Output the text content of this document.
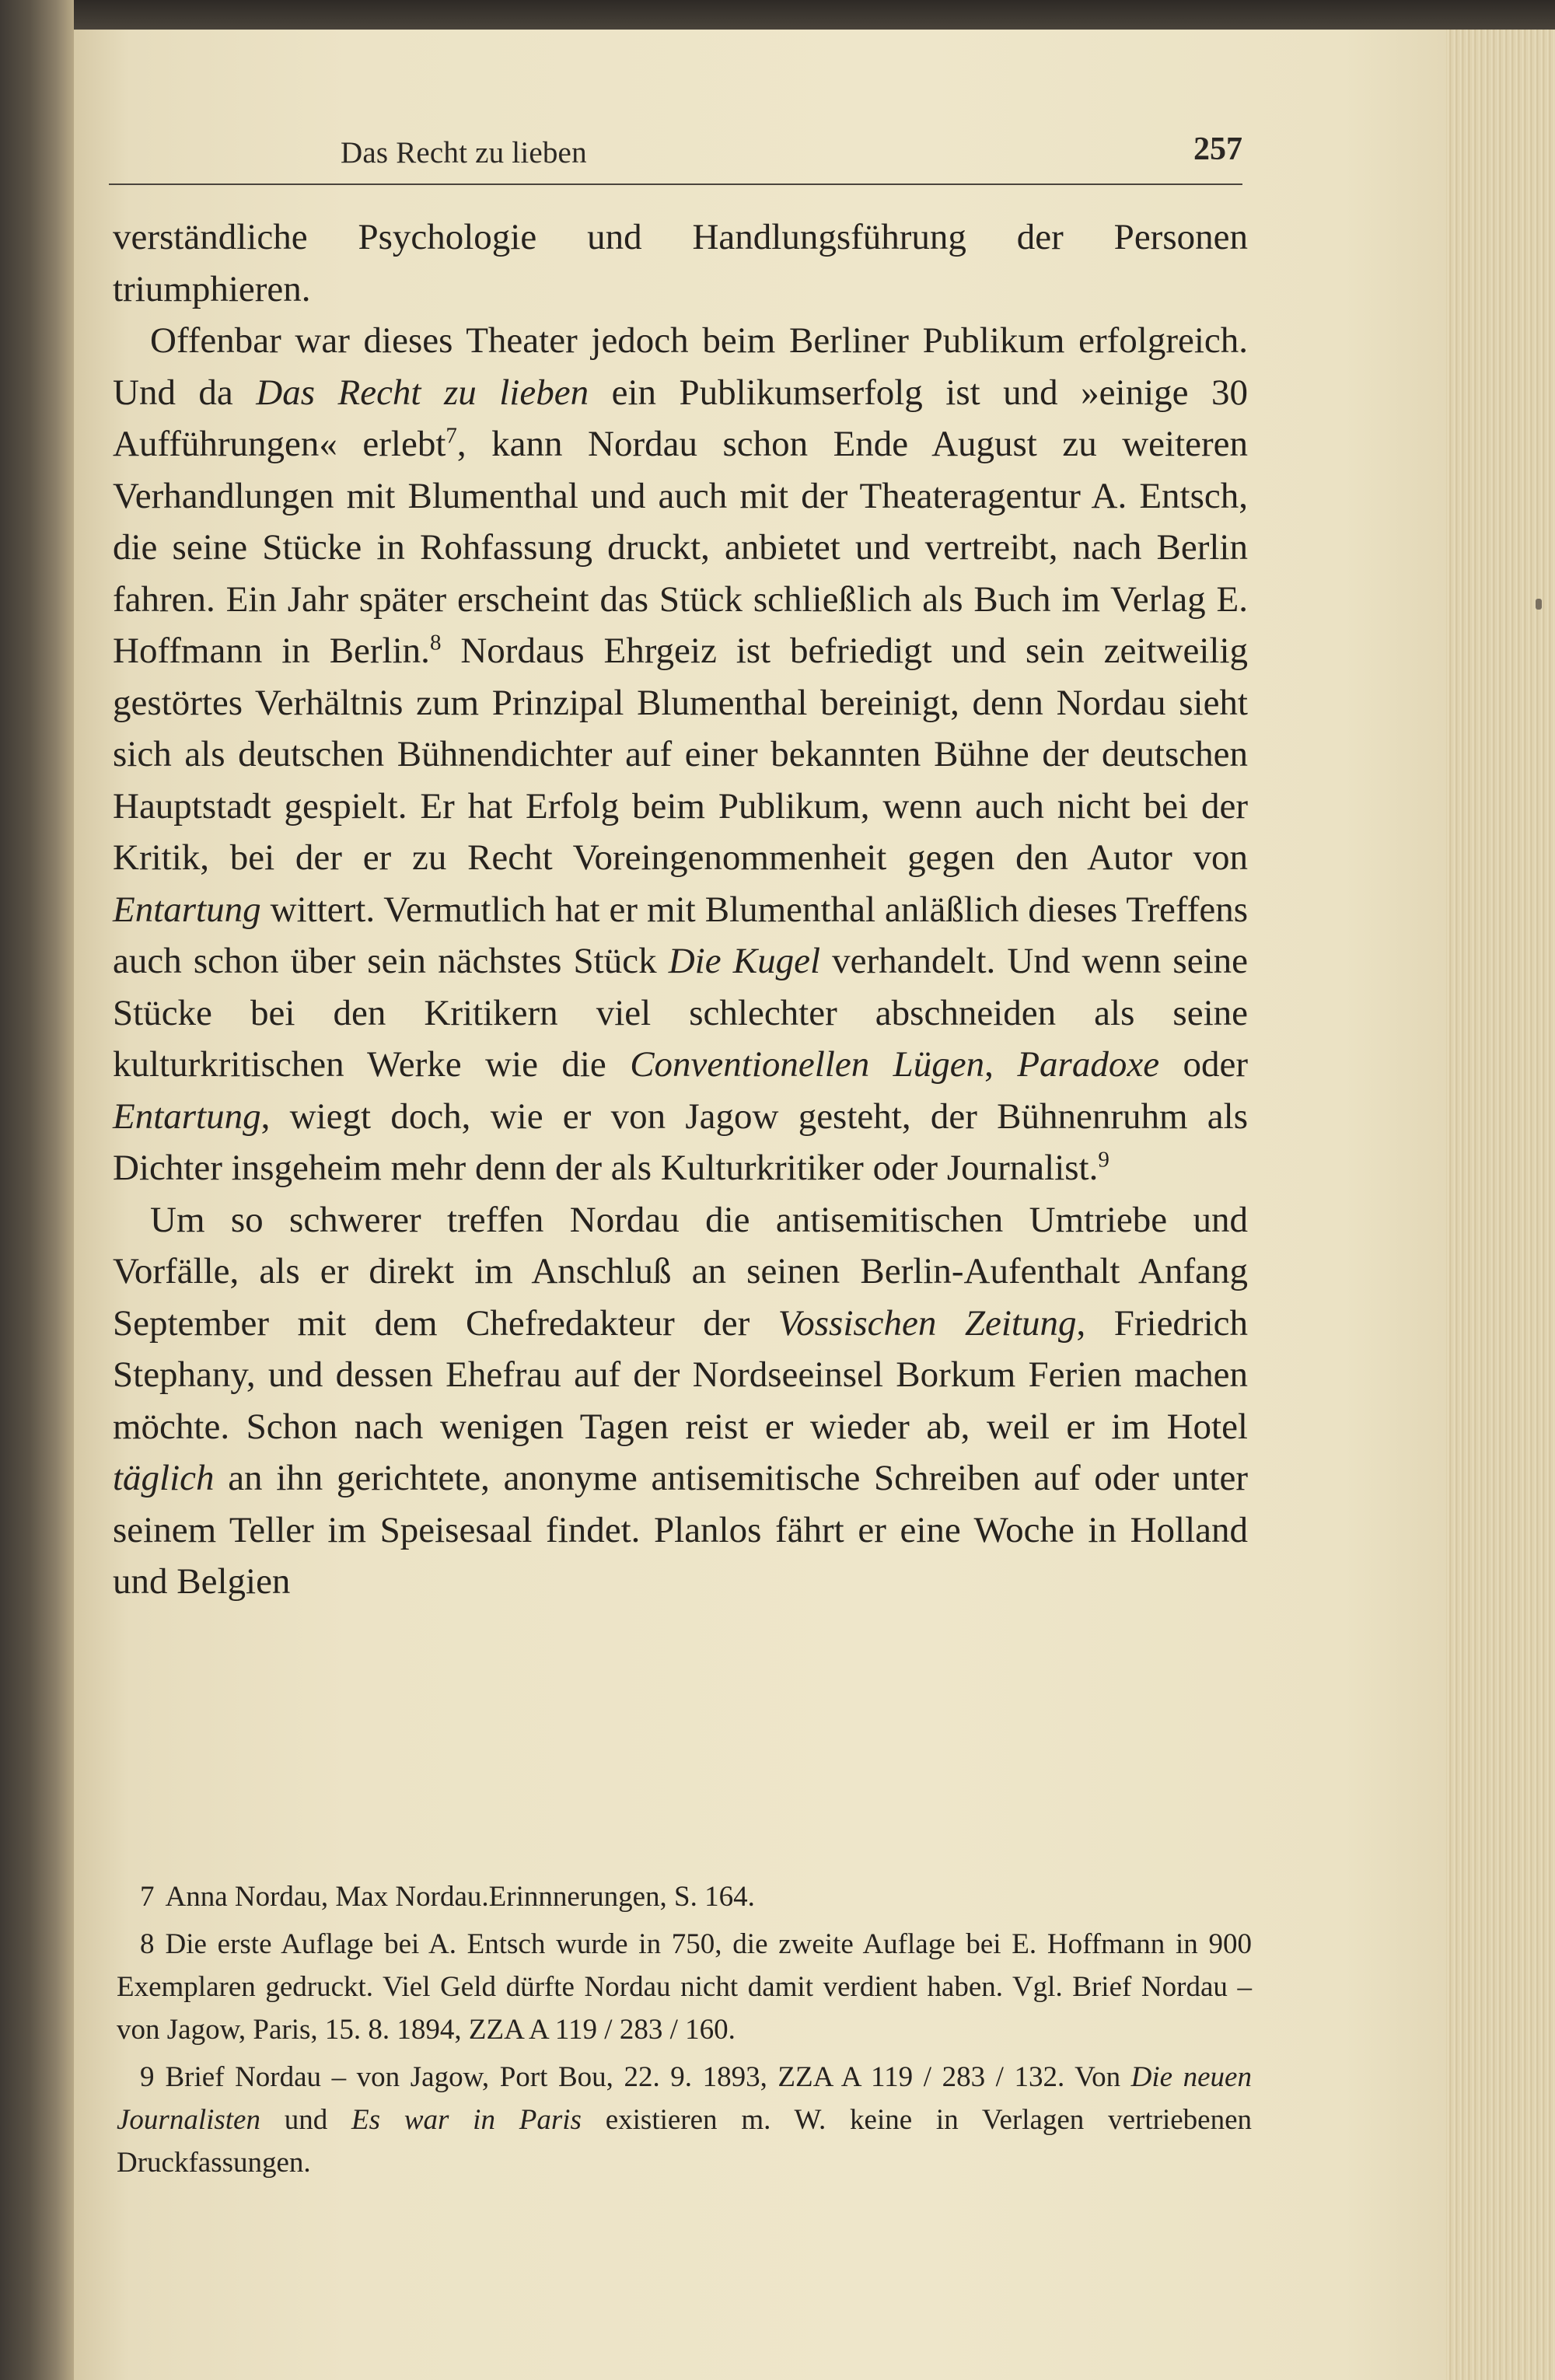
Das Recht zu lieben	257

verständliche Psychologie und Handlungsführung der Personen triumphieren.

Offenbar war dieses Theater jedoch beim Berliner Publikum erfolgreich. Und da Das Recht zu lieben ein Publikumserfolg ist und »einige 30 Aufführungen« erlebt$^7$, kann Nordau schon Ende August zu weiteren Verhandlungen mit Blumenthal und auch mit der Theateragentur A. Entsch, die seine Stücke in Rohfassung druckt, anbietet und vertreibt, nach Berlin fahren. Ein Jahr später erscheint das Stück schließlich als Buch im Verlag E. Hoffmann in Berlin.$^8$ Nordaus Ehrgeiz ist befriedigt und sein zeitweilig gestörtes Verhältnis zum Prinzipal Blumenthal bereinigt, denn Nordau sieht sich als deutschen Bühnendichter auf einer bekannten Bühne der deutschen Hauptstadt gespielt. Er hat Erfolg beim Publikum, wenn auch nicht bei der Kritik, bei der er zu Recht Voreingenommenheit gegen den Autor von Entartung wittert. Vermutlich hat er mit Blumenthal anläßlich dieses Treffens auch schon über sein nächstes Stück Die Kugel verhandelt. Und wenn seine Stücke bei den Kritikern viel schlechter abschneiden als seine kulturkritischen Werke wie die Conventionellen Lügen, Paradoxe oder Entartung, wiegt doch, wie er von Jagow gesteht, der Bühnenruhm als Dichter insgeheim mehr denn der als Kulturkritiker oder Journalist.$^9$

Um so schwerer treffen Nordau die antisemitischen Umtriebe und Vorfälle, als er direkt im Anschluß an seinen Berlin-Aufenthalt Anfang September mit dem Chefredakteur der Vossischen Zeitung, Friedrich Stephany, und dessen Ehefrau auf der Nordseeinsel Borkum Ferien machen möchte. Schon nach wenigen Tagen reist er wieder ab, weil er im Hotel täglich an ihn gerichtete, anonyme antisemitische Schreiben auf oder unter seinem Teller im Speisesaal findet. Planlos fährt er eine Woche in Holland und Belgien

7 Anna Nordau, Max Nordau.Erinnnerungen, S. 164.

8 Die erste Auflage bei A. Entsch wurde in 750, die zweite Auflage bei E. Hoffmann in 900 Exemplaren gedruckt. Viel Geld dürfte Nordau nicht damit verdient haben. Vgl. Brief Nordau – von Jagow, Paris, 15. 8. 1894, ZZA A 119 / 283 / 160.

9 Brief Nordau – von Jagow, Port Bou, 22. 9. 1893, ZZA A 119 / 283 / 132. Von Die neuen Journalisten und Es war in Paris existieren m. W. keine in Verlagen vertriebenen Druckfassungen.
